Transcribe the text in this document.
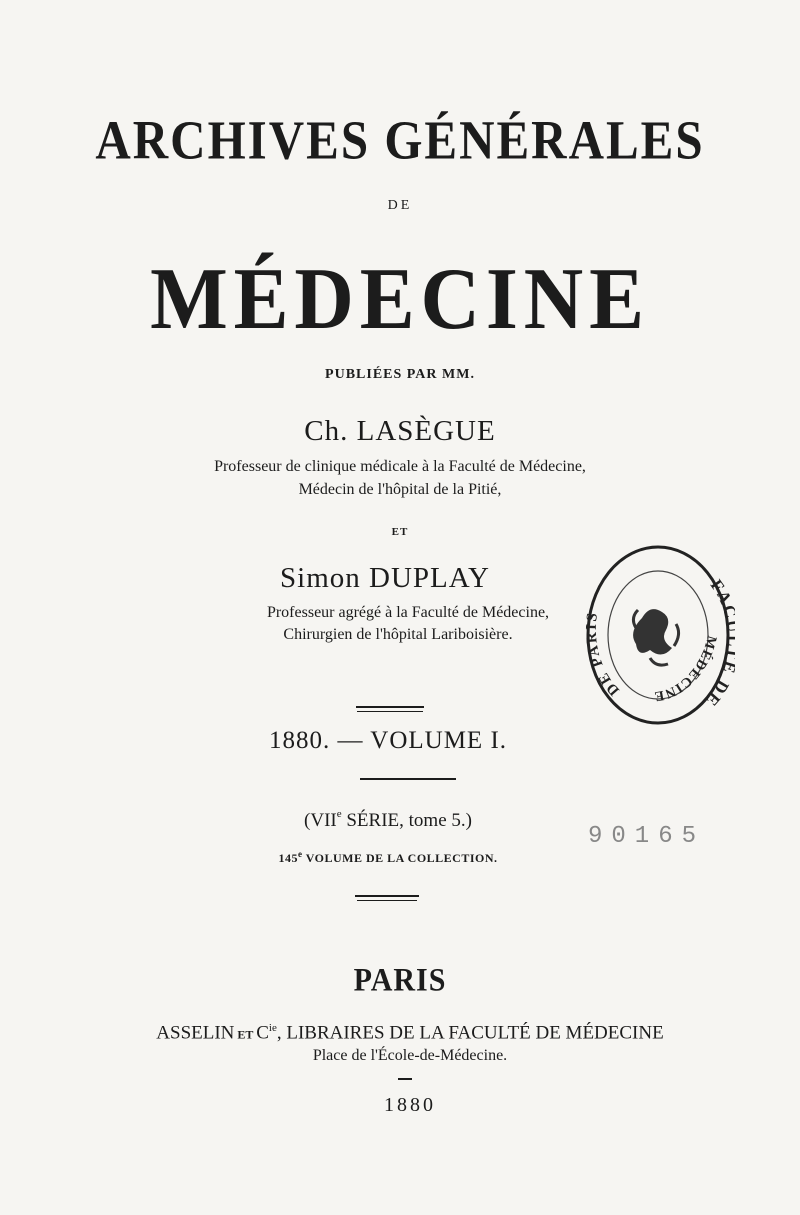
ARCHIVES GÉNÉRALES
DE
MÉDECINE
PUBLIÉES PAR MM.
Ch. LASÈGUE
Professeur de clinique médicale à la Faculté de Médecine,
Médecin de l'hôpital de la Pitié,
ET
Simon DUPLAY
Professeur agrégé à la Faculté de Médecine,
Chirurgien de l'hôpital Lariboisière.
1880. — VOLUME I.
(VIIe SÉRIE, tome 5.)
145e VOLUME DE LA COLLECTION.
PARIS
ASSELIN ET $C^{ie}$, LIBRAIRES DE LA FACULTÉ DE MÉDECINE
Place de l'École-de-Médecine.
1880
90165
FA DE
DE PARIS
MÉDECINE
